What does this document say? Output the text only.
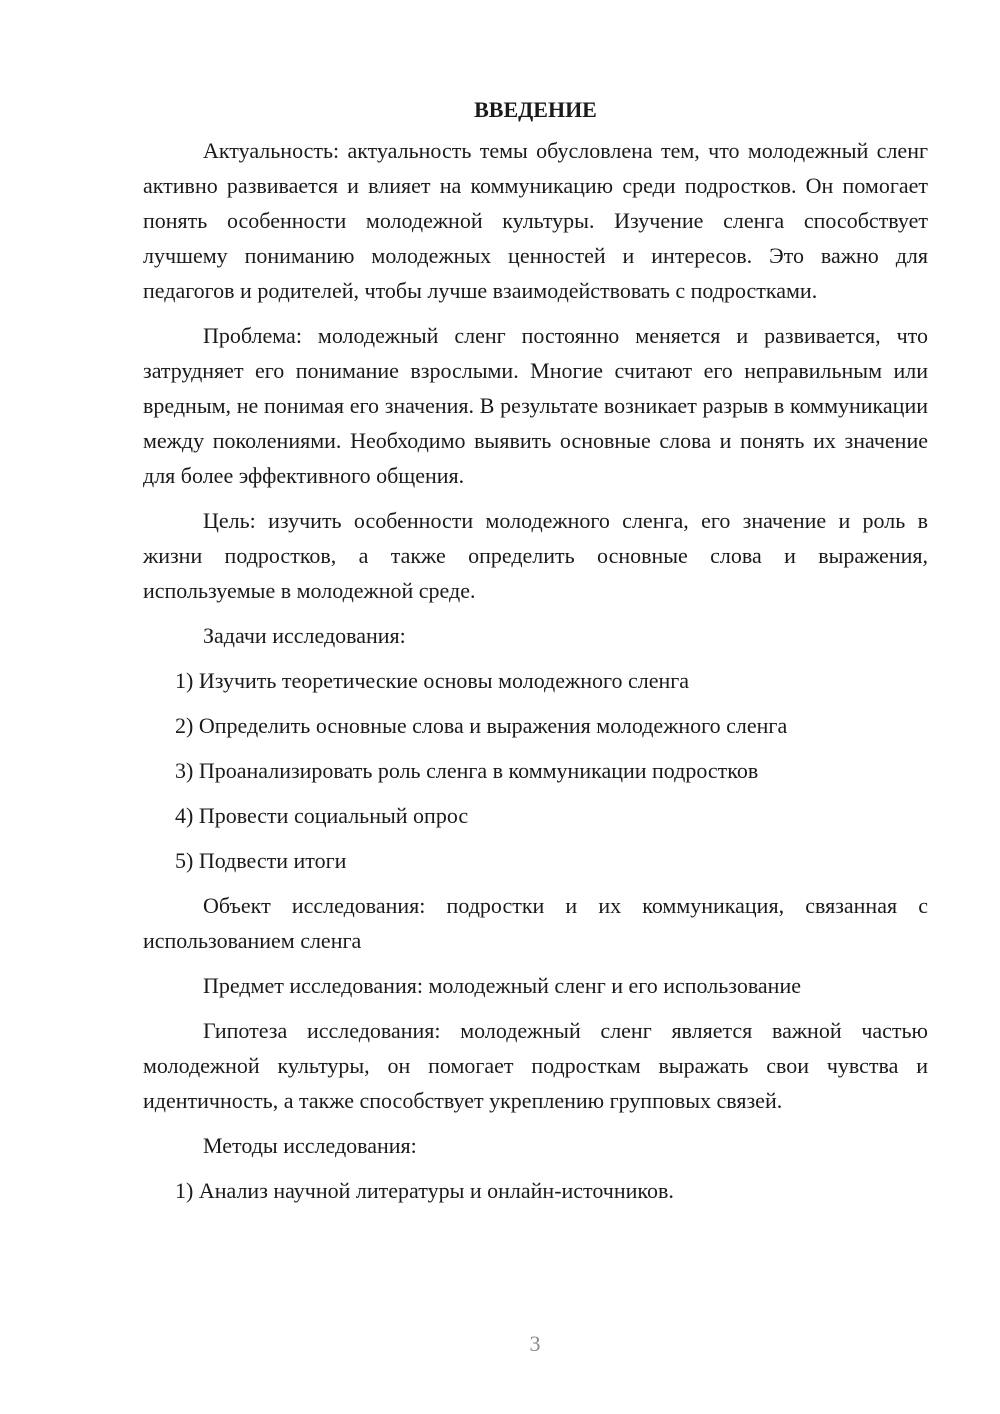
ВВЕДЕНИЕ

Актуальность: актуальность темы обусловлена тем, что молодежный сленг активно развивается и влияет на коммуникацию среди подростков. Он помогает понять особенности молодежной культуры. Изучение сленга способствует лучшему пониманию молодежных ценностей и интересов. Это важно для педагогов и родителей, чтобы лучше взаимодействовать с подростками.

Проблема: молодежный сленг постоянно меняется и развивается, что затрудняет его понимание взрослыми. Многие считают его неправильным или вредным, не понимая его значения. В результате возникает разрыв в коммуникации между поколениями. Необходимо выявить основные слова и понять их значение для более эффективного общения.

Цель: изучить особенности молодежного сленга, его значение и роль в жизни подростков, а также определить основные слова и выражения, используемые в молодежной среде.

Задачи исследования:

1) Изучить теоретические основы молодежного сленга

2) Определить основные слова и выражения молодежного сленга

3) Проанализировать роль сленга в коммуникации подростков

4) Провести социальный опрос

5) Подвести итоги

Объект исследования: подростки и их коммуникация, связанная с использованием сленга

Предмет исследования: молодежный сленг и его использование

Гипотеза исследования: молодежный сленг является важной частью молодежной культуры, он помогает подросткам выражать свои чувства и идентичность, а также способствует укреплению групповых связей.

Методы исследования:

1) Анализ научной литературы и онлайн-источников.

3
